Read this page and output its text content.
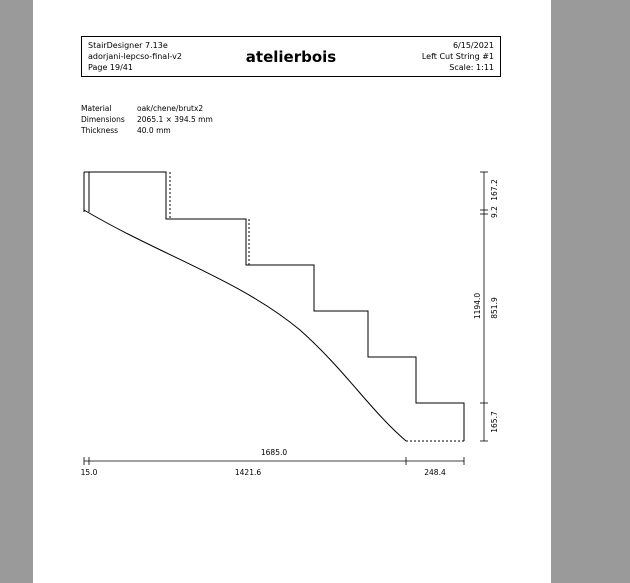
StairDesigner 7.13e
adorjani-lepcso-final-v2
Page 19/41
atelierbois
6/15/2021
Left Cut String #1
Scale: 1:11
Material	oak/chene/brutx2
Dimensions	2065.1 × 394.5 mm
Thickness	40.0 mm
1685.0
15.0	1421.6	248.4
1194.0
167.2
9.2
851.9
165.7
